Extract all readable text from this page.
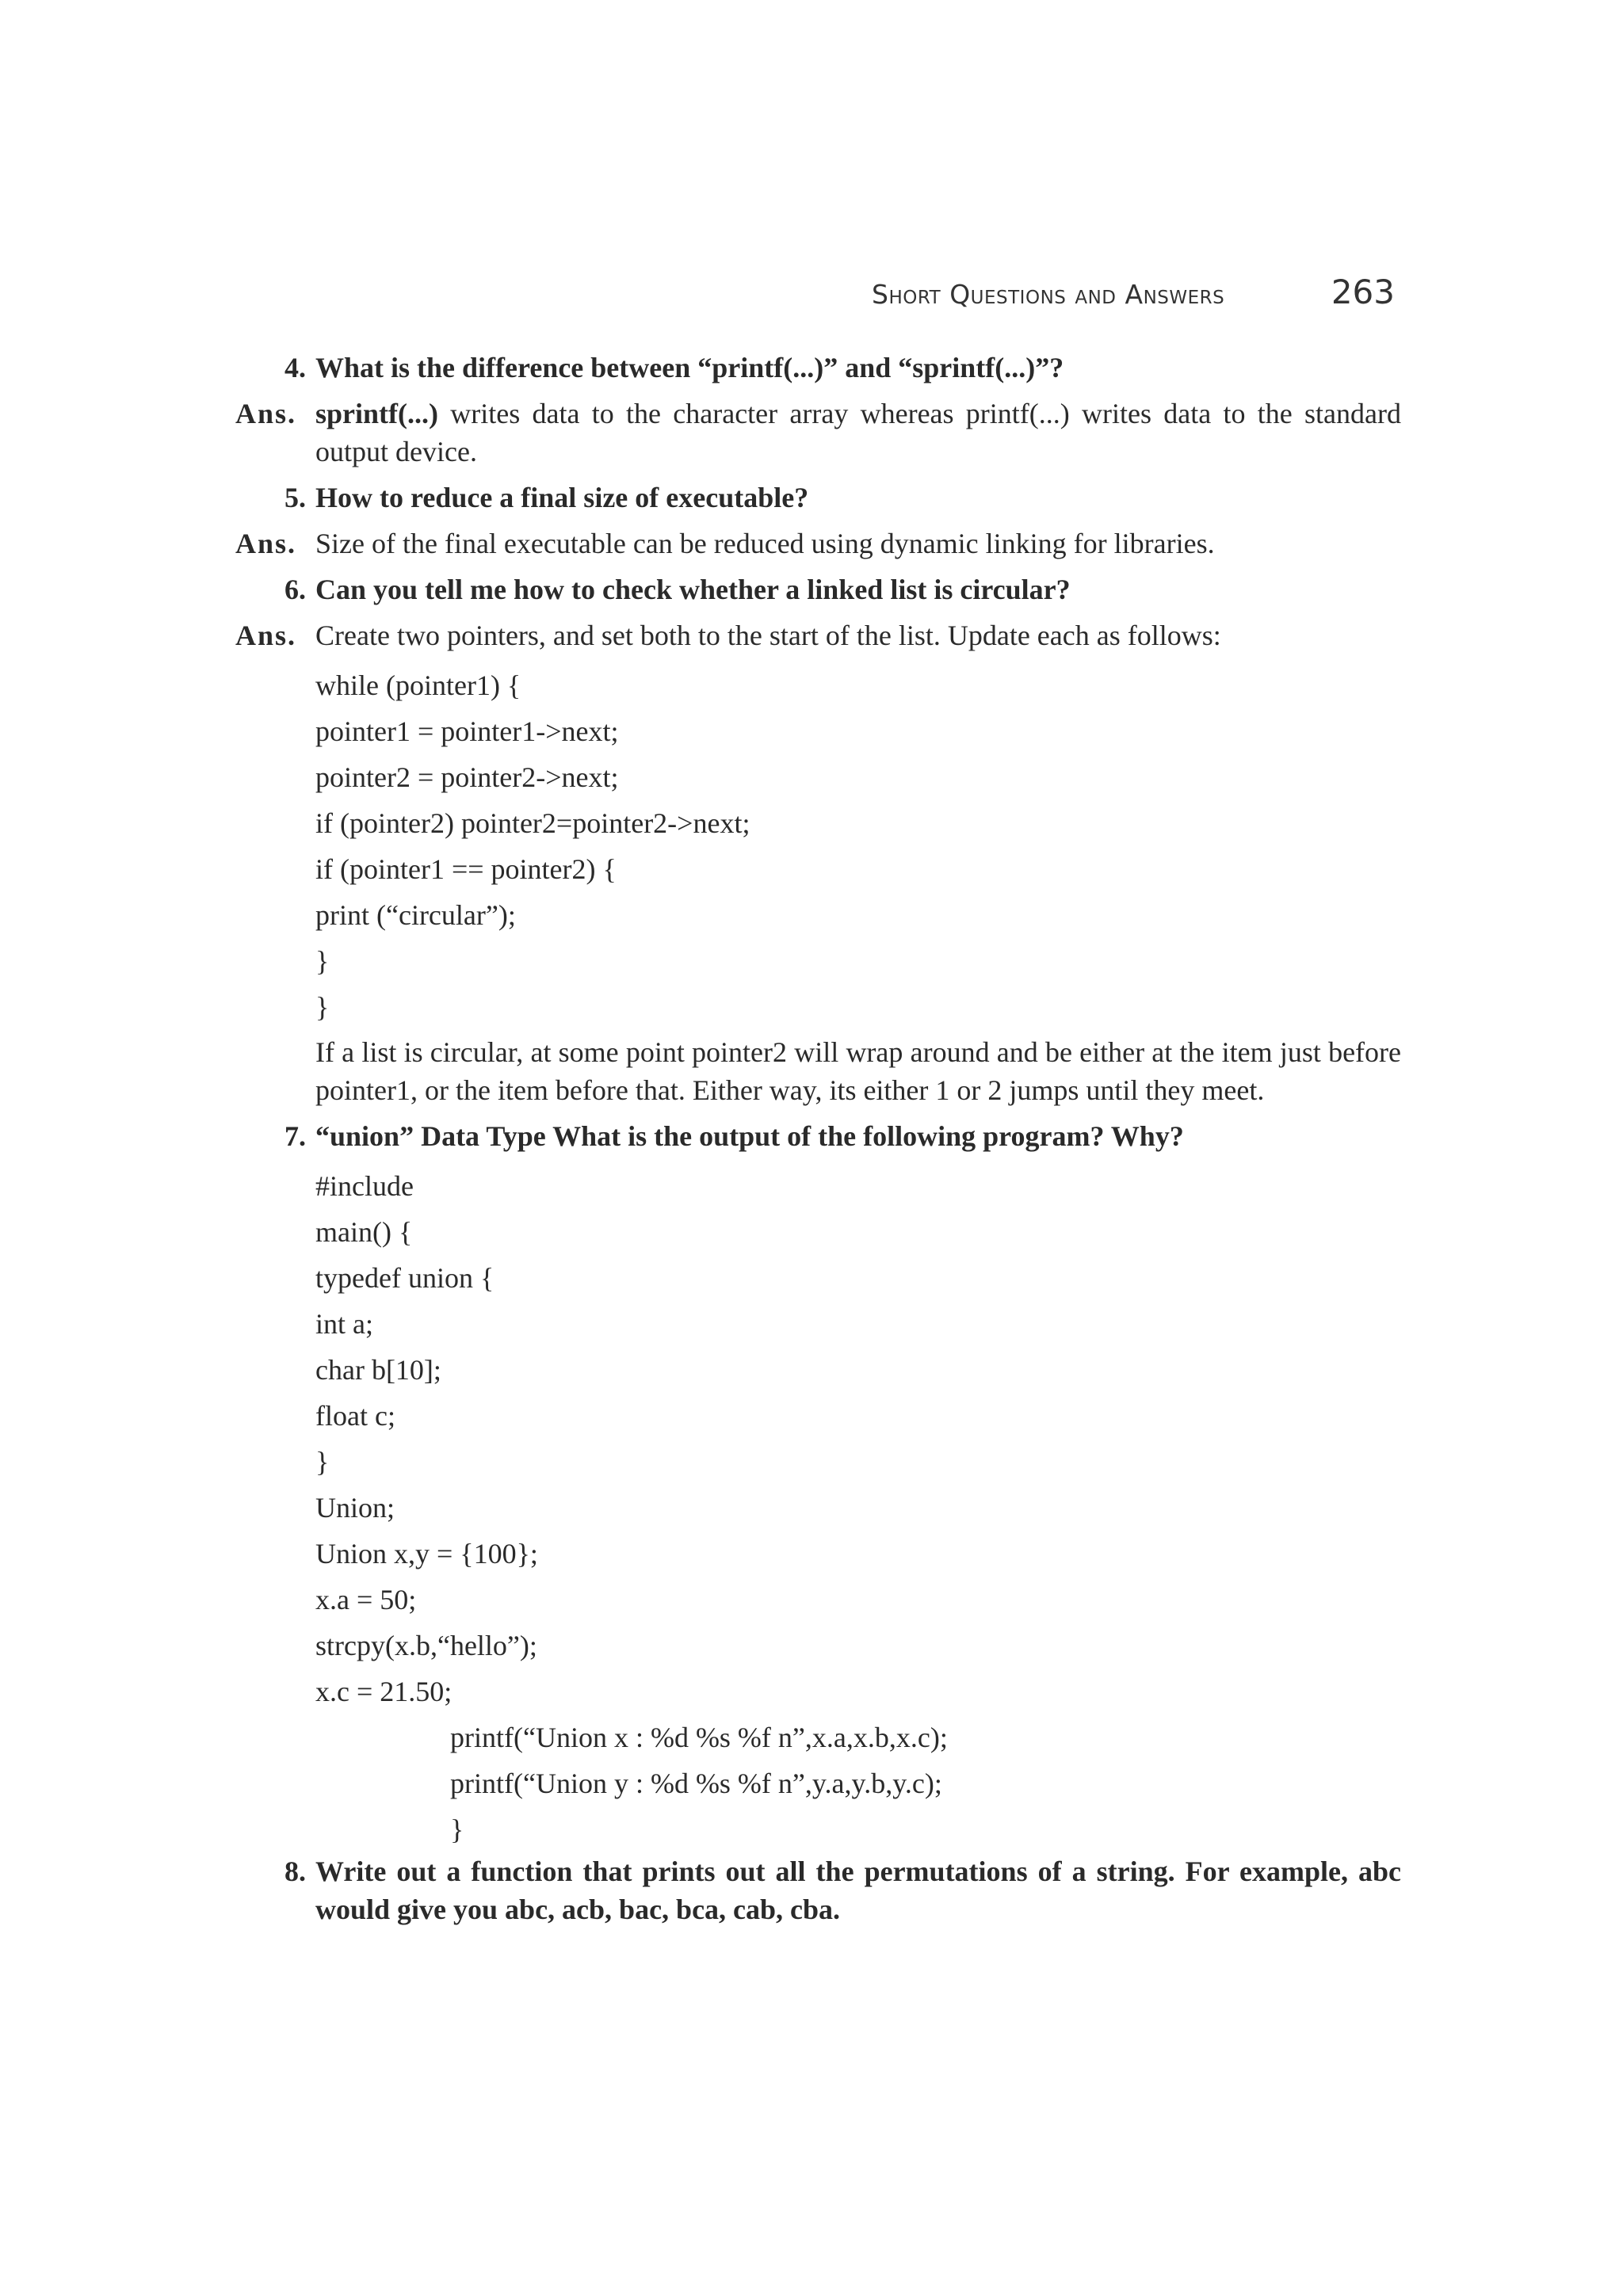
Short Questions and Answers	263
4. What is the difference between “printf(...)” and “sprintf(...)”?
Ans. sprintf(...) writes data to the character array whereas printf(...) writes data to the standard output device.
5. How to reduce a final size of executable?
Ans. Size of the final executable can be reduced using dynamic linking for libraries.
6. Can you tell me how to check whether a linked list is circular?
Ans. Create two pointers, and set both to the start of the list. Update each as follows:
while (pointer1) {
pointer1 = pointer1->next;
pointer2 = pointer2->next;
if (pointer2) pointer2=pointer2->next;
if (pointer1 == pointer2) {
print (“circular”);
}
}
If a list is circular, at some point pointer2 will wrap around and be either at the item just before pointer1, or the item before that. Either way, its either 1 or 2 jumps until they meet.
7. “union” Data Type What is the output of the following program? Why?
#include
main() {
typedef union {
int a;
char b[10];
float c;
}
Union;
Union x,y = {100};
x.a = 50;
strcpy(x.b,“hello”);
x.c = 21.50;
printf(“Union x : %d %s %f n”,x.a,x.b,x.c);
printf(“Union y : %d %s %f n”,y.a,y.b,y.c);
}
8. Write out a function that prints out all the permutations of a string. For example, abc would give you abc, acb, bac, bca, cab, cba.
